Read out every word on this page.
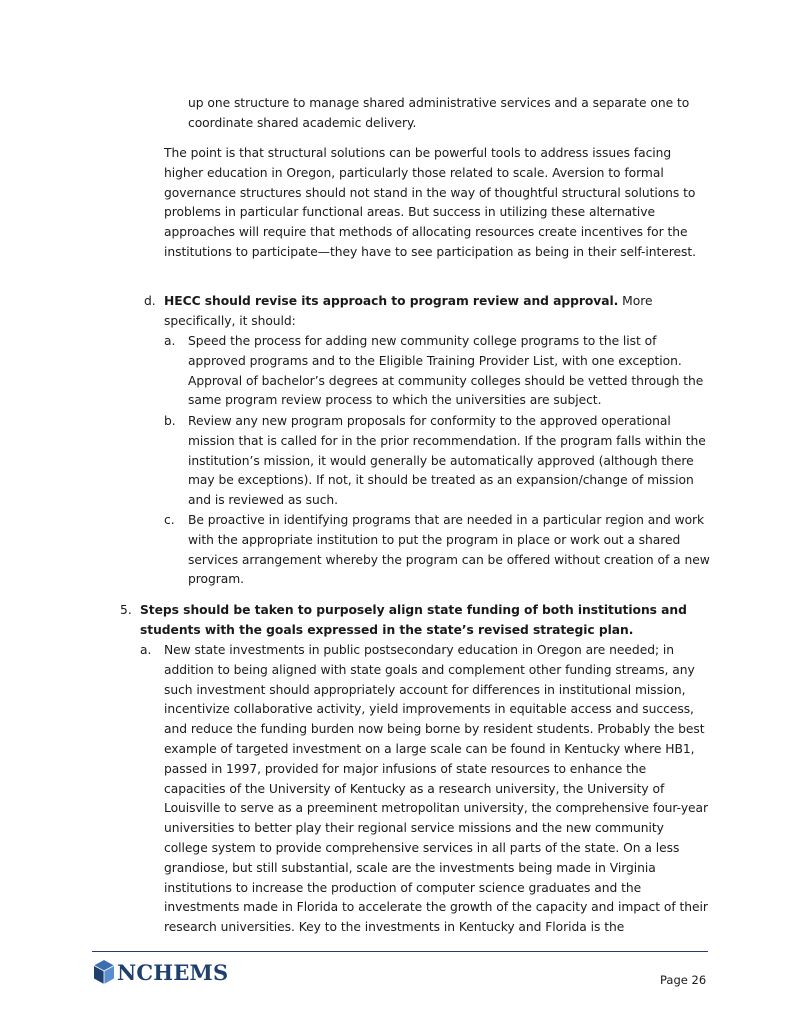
up one structure to manage shared administrative services and a separate one to coordinate shared academic delivery.

The point is that structural solutions can be powerful tools to address issues facing higher education in Oregon, particularly those related to scale. Aversion to formal governance structures should not stand in the way of thoughtful structural solutions to problems in particular functional areas. But success in utilizing these alternative approaches will require that methods of allocating resources create incentives for the institutions to participate—they have to see participation as being in their self-interest.

d. HECC should revise its approach to program review and approval. More specifically, it should:

a. Speed the process for adding new community college programs to the list of approved programs and to the Eligible Training Provider List, with one exception. Approval of bachelor’s degrees at community colleges should be vetted through the same program review process to which the universities are subject.

b. Review any new program proposals for conformity to the approved operational mission that is called for in the prior recommendation. If the program falls within the institution’s mission, it would generally be automatically approved (although there may be exceptions). If not, it should be treated as an expansion/change of mission and is reviewed as such.

c. Be proactive in identifying programs that are needed in a particular region and work with the appropriate institution to put the program in place or work out a shared services arrangement whereby the program can be offered without creation of a new program.

5. Steps should be taken to purposely align state funding of both institutions and students with the goals expressed in the state’s revised strategic plan.

a. New state investments in public postsecondary education in Oregon are needed; in addition to being aligned with state goals and complement other funding streams, any such investment should appropriately account for differences in institutional mission, incentivize collaborative activity, yield improvements in equitable access and success, and reduce the funding burden now being borne by resident students. Probably the best example of targeted investment on a large scale can be found in Kentucky where HB1, passed in 1997, provided for major infusions of state resources to enhance the capacities of the University of Kentucky as a research university, the University of Louisville to serve as a preeminent metropolitan university, the comprehensive four-year universities to better play their regional service missions and the new community college system to provide comprehensive services in all parts of the state. On a less grandiose, but still substantial, scale are the investments being made in Virginia institutions to increase the production of computer science graduates and the investments made in Florida to accelerate the growth of the capacity and impact of their research universities. Key to the investments in Kentucky and Florida is the

NCHEMS	Page 26
